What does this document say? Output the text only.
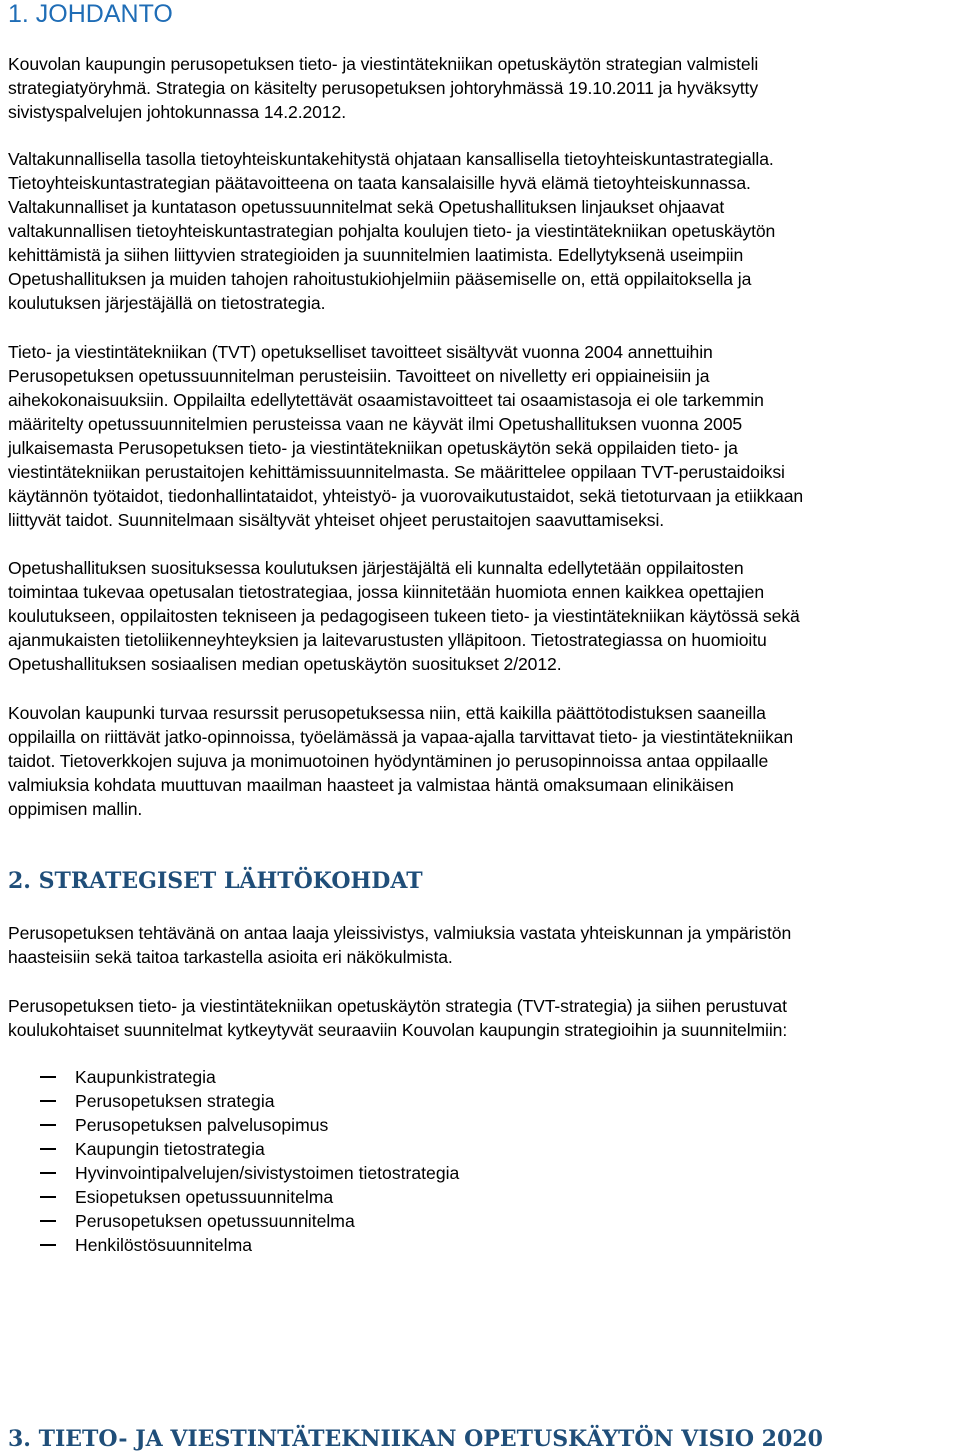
1. JOHDANTO

Kouvolan kaupungin perusopetuksen tieto- ja viestintätekniikan opetuskäytön strategian valmisteli
strategiatyöryhmä. Strategia on käsitelty perusopetuksen johtoryhmässä 19.10.2011 ja hyväksytty
sivistyspalvelujen johtokunnassa 14.2.2012.

Valtakunnallisella tasolla tietoyhteiskuntakehitystä ohjataan kansallisella tietoyhteiskuntastrategialla.
Tietoyhteiskuntastrategian päätavoitteena on taata kansalaisille hyvä elämä tietoyhteiskunnassa.
Valtakunnalliset ja kuntatason opetussuunnitelmat sekä Opetushallituksen linjaukset ohjaavat
valtakunnallisen tietoyhteiskuntastrategian pohjalta koulujen tieto- ja viestintätekniikan opetuskäytön
kehittämistä ja siihen liittyvien strategioiden ja suunnitelmien laatimista. Edellytyksenä useimpiin
Opetushallituksen ja muiden tahojen rahoitustukiohjelmiin pääsemiselle on, että oppilaitoksella ja
koulutuksen järjestäjällä on tietostrategia.

Tieto- ja viestintätekniikan (TVT) opetukselliset tavoitteet sisältyvät vuonna 2004 annettuihin
Perusopetuksen opetussuunnitelman perusteisiin. Tavoitteet on nivelletty eri oppiaineisiin ja
aihekokonaisuuksiin. Oppilailta edellytettävät osaamistavoitteet tai osaamistasoja ei ole tarkemmin
määritelty opetussuunnitelmien perusteissa vaan ne käyvät ilmi Opetushallituksen vuonna 2005
julkaisemasta Perusopetuksen tieto- ja viestintätekniikan opetuskäytön sekä oppilaiden tieto- ja
viestintätekniikan perustaitojen kehittämissuunnitelmasta. Se määrittelee oppilaan TVT-perustaidoiksi
käytännön työtaidot, tiedonhallintataidot, yhteistyö- ja vuorovaikutustaidot, sekä tietoturvaan ja etiikkaan
liittyvät taidot. Suunnitelmaan sisältyvät yhteiset ohjeet perustaitojen saavuttamiseksi.

Opetushallituksen suosituksessa koulutuksen järjestäjältä eli kunnalta edellytetään oppilaitosten
toimintaa tukevaa opetusalan tietostrategiaa, jossa kiinnitetään huomiota ennen kaikkea opettajien
koulutukseen, oppilaitosten tekniseen ja pedagogiseen tukeen tieto‐ ja viestintätekniikan käytössä sekä
ajanmukaisten tietoliikenneyhteyksien ja laitevarustusten ylläpitoon. Tietostrategiassa on huomioitu
Opetushallituksen sosiaalisen median opetuskäytön suositukset 2/2012.

Kouvolan kaupunki turvaa resurssit perusopetuksessa niin, että kaikilla päättötodistuksen saaneilla
oppilailla on riittävät jatko-opinnoissa, työelämässä ja vapaa-ajalla tarvittavat tieto- ja viestintätekniikan
taidot. Tietoverkkojen sujuva ja monimuotoinen hyödyntäminen jo perusopinnoissa antaa oppilaalle
valmiuksia kohdata muuttuvan maailman haasteet ja valmistaa häntä omaksumaan elinikäisen
oppimisen mallin.

2. STRATEGISET LÄHTÖKOHDAT

Perusopetuksen tehtävänä on antaa laaja yleissivistys, valmiuksia vastata yhteiskunnan ja ympäristön
haasteisiin sekä taitoa tarkastella asioita eri näkökulmista.

Perusopetuksen tieto- ja viestintätekniikan opetuskäytön strategia (TVT-strategia) ja siihen perustuvat
koulukohtaiset suunnitelmat kytkeytyvät seuraaviin Kouvolan kaupungin strategioihin ja suunnitelmiin:

Kaupunkistrategia
Perusopetuksen strategia
Perusopetuksen palvelusopimus
Kaupungin tietostrategia
Hyvinvointipalvelujen/sivistystoimen tietostrategia
Esiopetuksen opetussuunnitelma
Perusopetuksen opetussuunnitelma
Henkilöstösuunnitelma
3. TIETO- JA VIESTINTÄTEKNIIKAN OPETUSKÄYTÖN VISIO 2020
